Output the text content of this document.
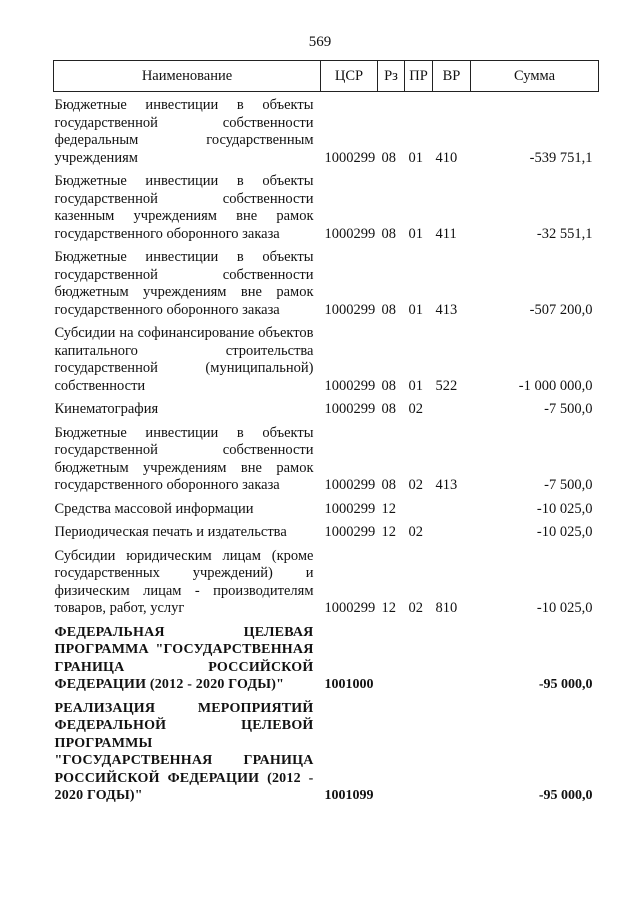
569
Наименование	ЦСР	Рз	ПР	ВР	Сумма
Бюджетные инвестиции в объекты государственной собственности федеральным государственным учреждениям	1000299	08	01	410	-539 751,1
Бюджетные инвестиции в объекты государственной собственности казенным учреждениям вне рамок государственного оборонного заказа	1000299	08	01	411	-32 551,1
Бюджетные инвестиции в объекты государственной собственности бюджетным учреждениям вне рамок государственного оборонного заказа	1000299	08	01	413	-507 200,0
Субсидии на софинансирование объектов капитального строительства государственной (муниципальной) собственности	1000299	08	01	522	-1 000 000,0
Кинематография	1000299	08	02		-7 500,0
Бюджетные инвестиции в объекты государственной собственности бюджетным учреждениям вне рамок государственного оборонного заказа	1000299	08	02	413	-7 500,0
Средства массовой информации	1000299	12			-10 025,0
Периодическая печать и издательства	1000299	12	02		-10 025,0
Субсидии юридическим лицам (кроме государственных учреждений) и физическим лицам - производителям товаров, работ, услуг	1000299	12	02	810	-10 025,0
ФЕДЕРАЛЬНАЯ ЦЕЛЕВАЯ ПРОГРАММА "ГОСУДАРСТВЕННАЯ ГРАНИЦА РОССИЙСКОЙ ФЕДЕРАЦИИ (2012 - 2020 ГОДЫ)"	1001000				-95 000,0
РЕАЛИЗАЦИЯ МЕРОПРИЯТИЙ ФЕДЕРАЛЬНОЙ ЦЕЛЕВОЙ ПРОГРАММЫ "ГОСУДАРСТВЕННАЯ ГРАНИЦА РОССИЙСКОЙ ФЕДЕРАЦИИ (2012 - 2020 ГОДЫ)"	1001099				-95 000,0
